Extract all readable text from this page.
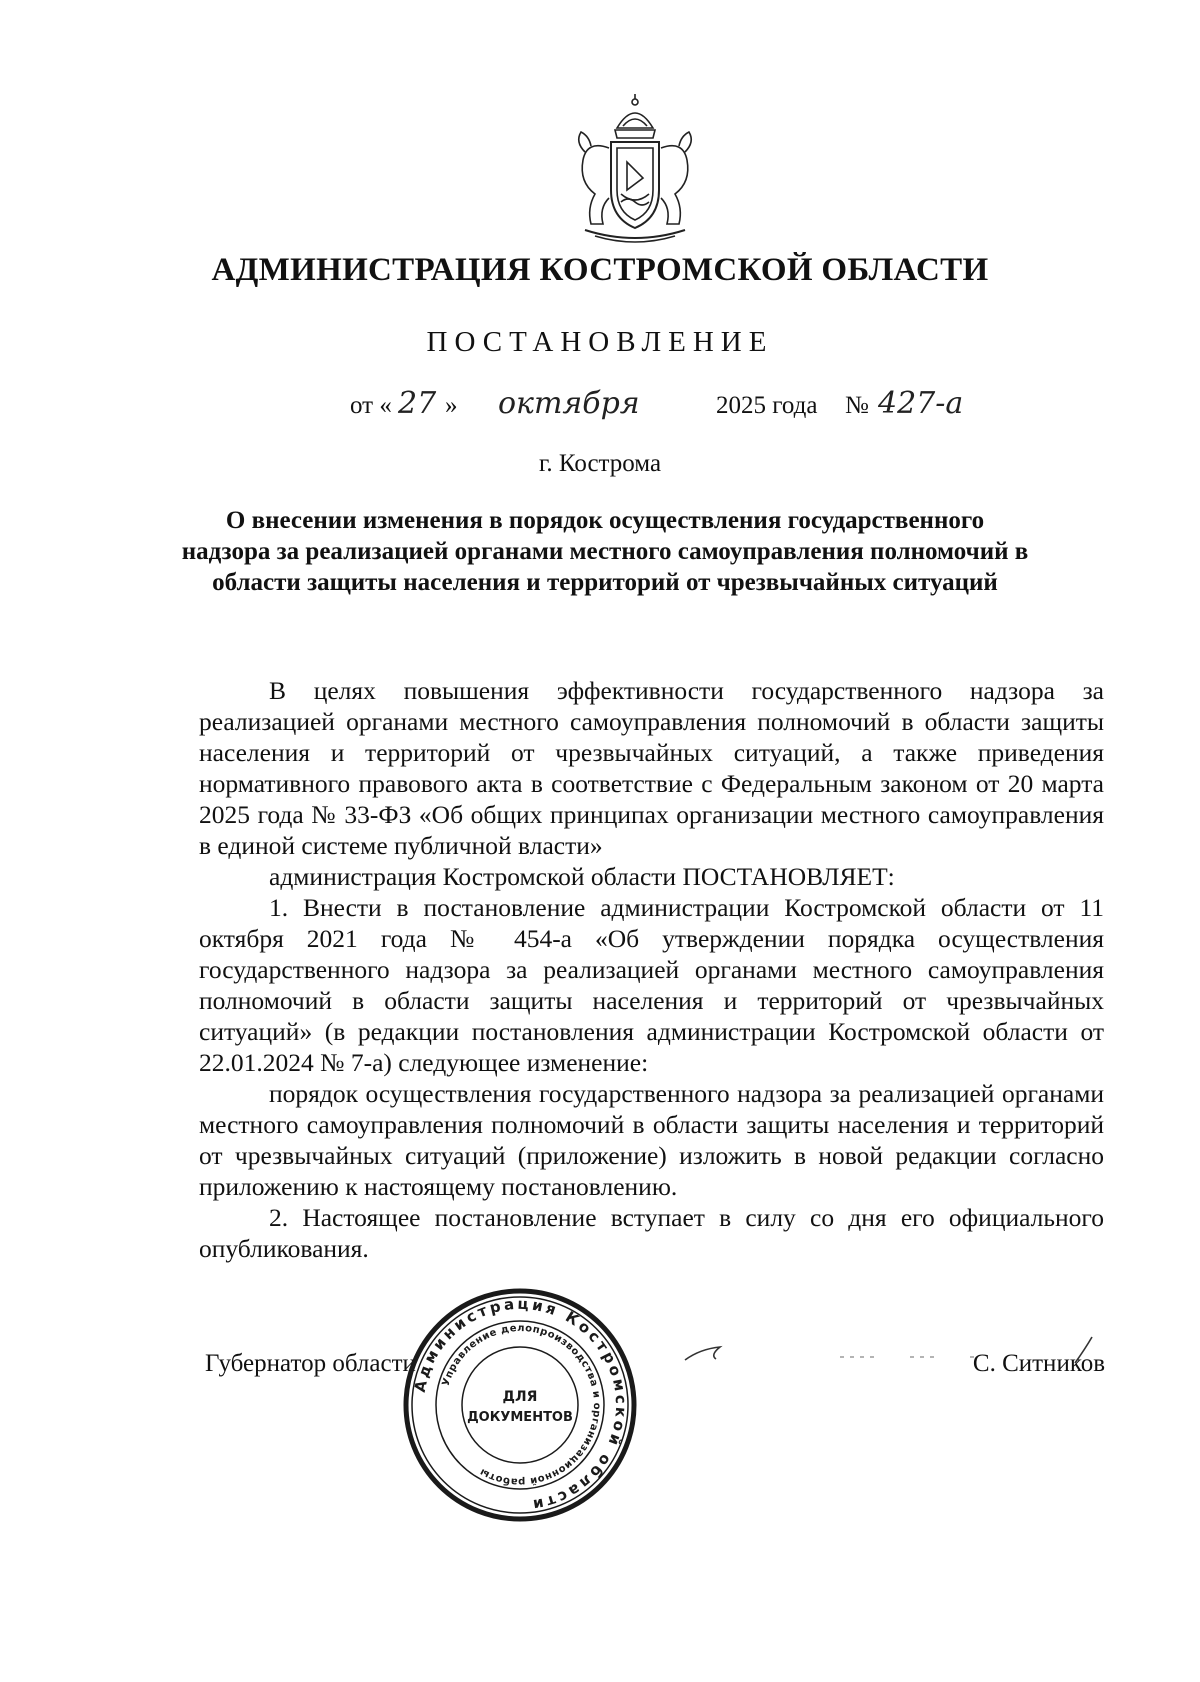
АДМИНИСТРАЦИЯ КОСТРОМСКОЙ ОБЛАСТИ
ПОСТАНОВЛЕНИЕ
от « 27 » октября	2025 года № 427-а
г. Кострома
О внесении изменения в порядок осуществления государственного надзора за реализацией органами местного самоуправления полномочий в области защиты населения и территорий от чрезвычайных ситуаций

В целях повышения эффективности государственного надзора за реализацией органами местного самоуправления полномочий в области защиты населения и территорий от чрезвычайных ситуаций, а также приведения нормативного правового акта в соответствие с Федеральным законом от 20 марта 2025 года № 33-ФЗ «Об общих принципах организации местного самоуправления в единой системе публичной власти»

администрация Костромской области ПОСТАНОВЛЯЕТ:

1. Внести в постановление администрации Костромской области от 11 октября 2021 года № 454-а «Об утверждении порядка осуществления государственного надзора за реализацией органами местного самоуправления полномочий в области защиты населения и территорий от чрезвычайных ситуаций» (в редакции постановления администрации Костромской области от 22.01.2024 № 7-а) следующее изменение:

порядок осуществления государственного надзора за реализацией органами местного самоуправления полномочий в области защиты населения и территорий от чрезвычайных ситуаций (приложение) изложить в новой редакции согласно приложению к настоящему постановлению.

2. Настоящее постановление вступает в силу со дня его официального опубликования.

Губернатор области	С. Ситников
Администрация Костромской области
Управление делопроизводства и организационной работы
ДЛЯ
ДОКУМЕНТОВ
